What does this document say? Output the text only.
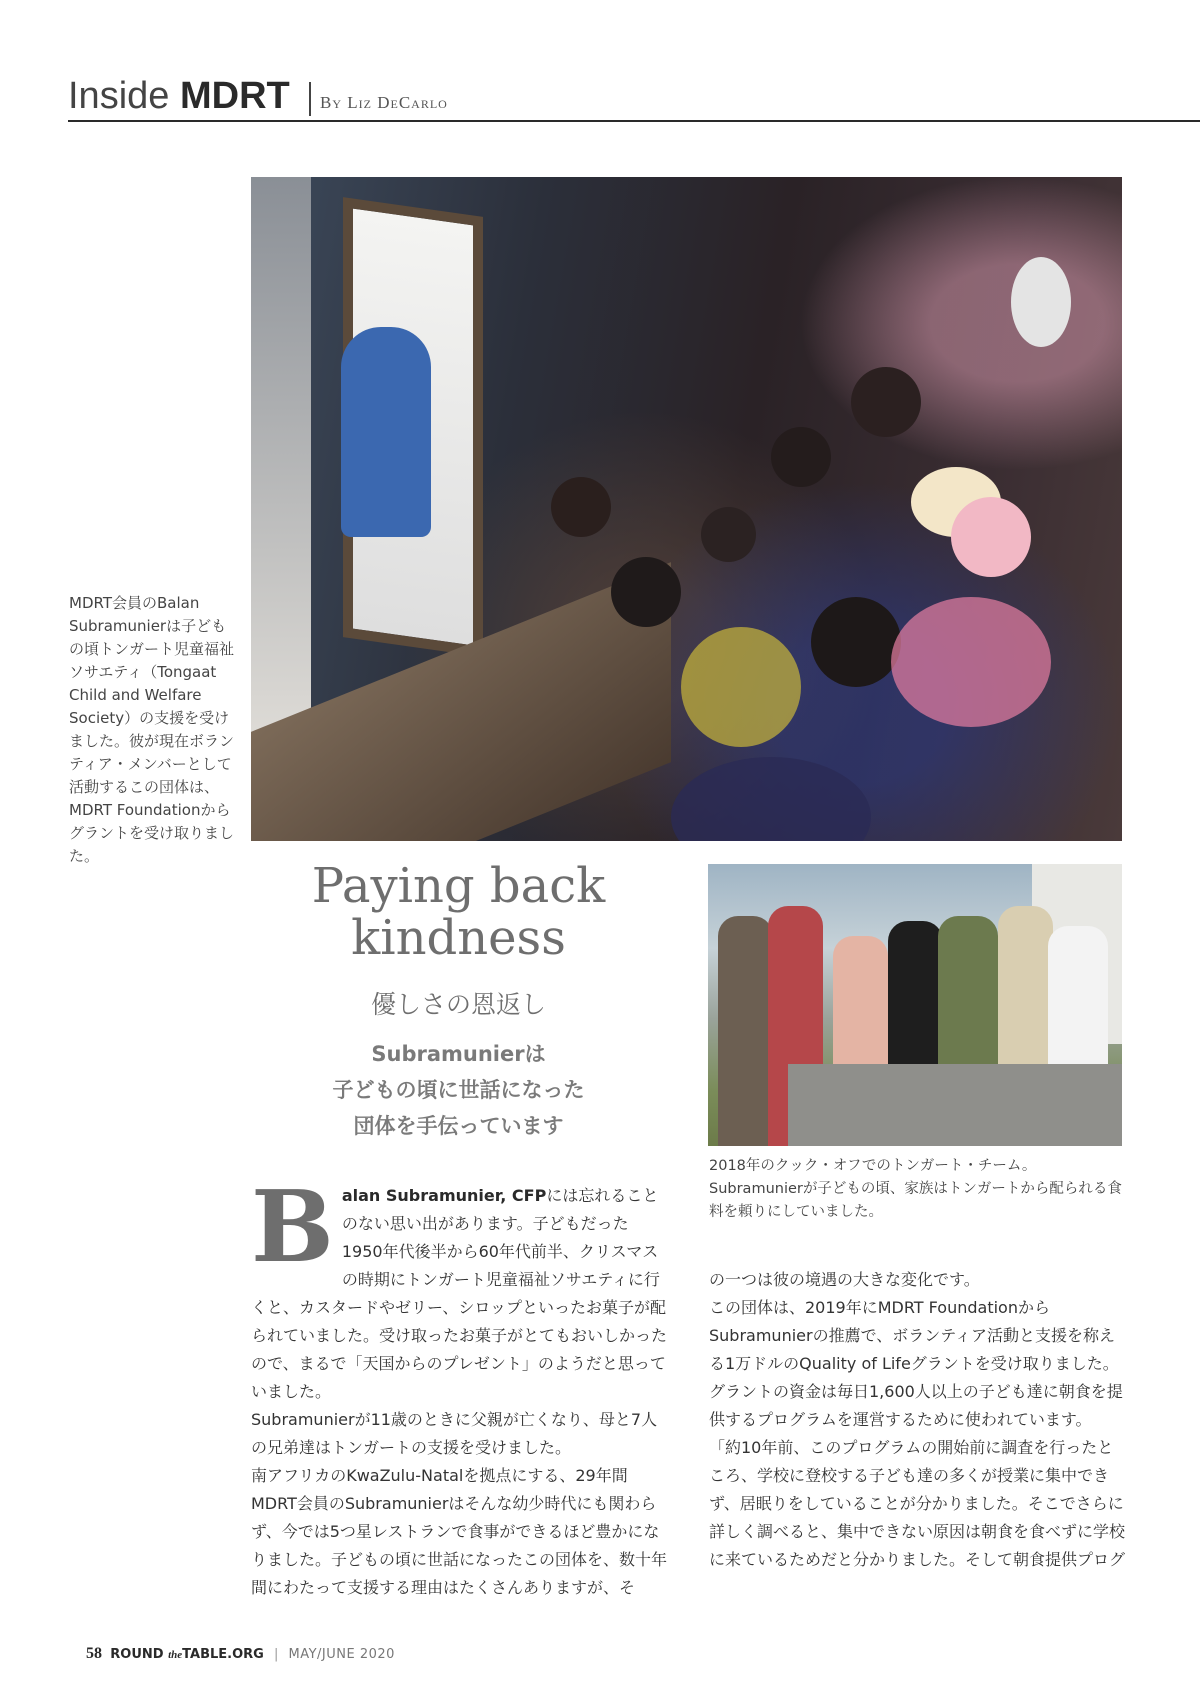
Inside MDRT By Liz DeCarlo
MDRT会員のBalan Subramunierは子どもの頃トンガート児童福祉ソサエティ（Tongaat Child and Welfare Society）の支援を受けました。彼が現在ボランティア・メンバーとして活動するこの団体は、MDRT Foundationからグラントを受け取りました。
Paying back
kindness
優しさの恩返し
Subramunierは
子どもの頃に世話になった
団体を手伝っています
2018年のクック・オフでのトンガート・チーム。Subramunierが子どもの頃、家族はトンガートから配られる食料を頼りにしていました。

Balan Subramunier, CFPには忘れることのない思い出があります。子どもだった1950年代後半から60年代前半、クリスマスの時期にトンガート児童福祉ソサエティに行くと、カスタードやゼリー、シロップといったお菓子が配られていました。受け取ったお菓子がとてもおいしかったので、まるで「天国からのプレゼント」のようだと思っていました。

Subramunierが11歳のときに父親が亡くなり、母と7人の兄弟達はトンガートの支援を受けました。

南アフリカのKwaZulu-Natalを拠点にする、29年間MDRT会員のSubramunierはそんな幼少時代にも関わらず、今では5つ星レストランで食事ができるほど豊かになりました。子どもの頃に世話になったこの団体を、数十年間にわたって支援する理由はたくさんありますが、そ

の一つは彼の境遇の大きな変化です。

この団体は、2019年にMDRT FoundationからSubramunierの推薦で、ボランティア活動と支援を称える1万ドルのQuality of Lifeグラントを受け取りました。グラントの資金は毎日1,600人以上の子ども達に朝食を提供するプログラムを運営するために使われています。

「約10年前、このプログラムの開始前に調査を行ったところ、学校に登校する子ども達の多くが授業に集中できず、居眠りをしていることが分かりました。そこでさらに詳しく調べると、集中できない原因は朝食を食べずに学校に来ているためだと分かりました。そして朝食提供プログ

58 ROUND theTABLE.ORG | MAY/JUNE 2020
